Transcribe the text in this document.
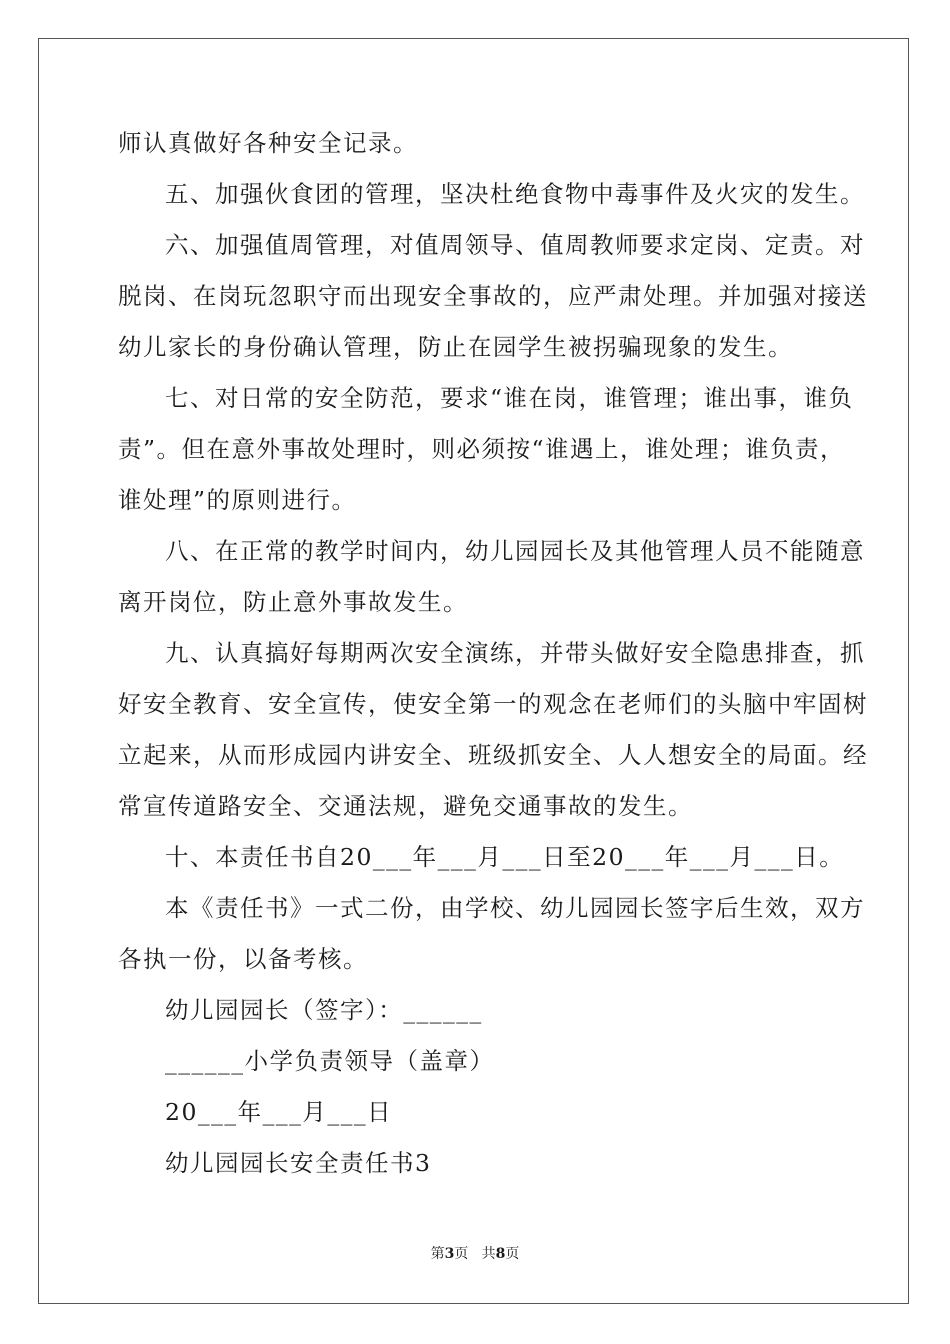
师认真做好各种安全记录。
五、加强伙食团的管理，坚决杜绝食物中毒事件及火灾的发生。
六、加强值周管理，对值周领导、值周教师要求定岗、定责。对
脱岗、在岗玩忽职守而出现安全事故的，应严肃处理。并加强对接送
幼儿家长的身份确认管理，防止在园学生被拐骗现象的发生。
七、对日常的安全防范，要求“谁在岗，谁管理；谁出事，谁负
责”。但在意外事故处理时，则必须按“谁遇上，谁处理；谁负责，
谁处理”的原则进行。
八、在正常的教学时间内，幼儿园园长及其他管理人员不能随意
离开岗位，防止意外事故发生。
九、认真搞好每期两次安全演练，并带头做好安全隐患排查，抓
好安全教育、安全宣传，使安全第一的观念在老师们的头脑中牢固树
立起来，从而形成园内讲安全、班级抓安全、人人想安全的局面。经
常宣传道路安全、交通法规，避免交通事故的发生。
十、本责任书自20___年___月___日至20___年___月___日。
本《责任书》一式二份，由学校、幼儿园园长签字后生效，双方
各执一份，以备考核。
幼儿园园长（签字）：______
______小学负责领导（盖章）
20___年___月___日
幼儿园园长安全责任书3
第3页 共8页
